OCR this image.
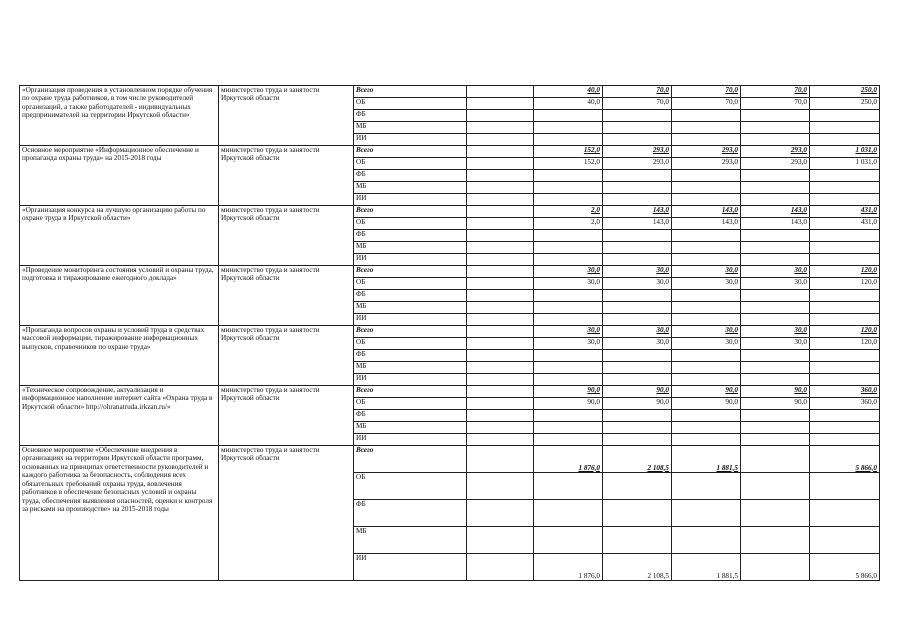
«Организация проведения в установленном порядке обучения по охране труда работников, в том числе руководителей организаций, а также работодателей - индивидуальных предпринимателей на территории Иркутской области»	министерство труда и занятости Иркутской области	Всего		40,0	70,0	70,0	70,0	250,0
		ОБ		40,0	70,0	70,0	70,0	250,0
		ФБ						
		МБ						
		ИИ						
Основное мероприятие «Информационное обеспечение и пропаганда охраны труда» на 2015-2018 годы	министерство труда и занятости Иркутской области	Всего		152,0	293,0	293,0	293,0	1 031,0
		ОБ		152,0	293,0	293,0	293,0	1 031,0
		ФБ						
		МБ						
		ИИ						
«Организация конкурса на лучшую организацию работы по охране труда в Иркутской области»	министерство труда и занятости Иркутской области	Всего		2,0	143,0	143,0	143,0	431,0
		ОБ		2,0	143,0	143,0	143,0	431,0
		ФБ						
		МБ						
		ИИ						
«Проведение мониторинга состояния условий и охраны труда, подготовка и тиражирование ежегодного доклада»	министерство труда и занятости Иркутской области	Всего		30,0	30,0	30,0	30,0	120,0
		ОБ		30,0	30,0	30,0	30,0	120,0
		ФБ						
		МБ						
		ИИ						
«Пропаганда вопросов охраны и условий труда в средствах массовой информации, тиражирование информационных выпусков, справочников по охране труда»	министерство труда и занятости Иркутской области	Всего		30,0	30,0	30,0	30,0	120,0
		ОБ		30,0	30,0	30,0	30,0	120,0
		ФБ						
		МБ						
		ИИ						
«Техническое сопровождение, актуализация и информационное наполнение интернет сайта «Охрана труда в Иркутской области» http://ohranatruda.irkzan.ru/»	министерство труда и занятости Иркутской области	Всего		90,0	90,0	90,0	90,0	360,0
		ОБ		90,0	90,0	90,0	90,0	360,0
		ФБ						
		МБ						
		ИИ						
Основное мероприятие «Обеспечение внедрения в организациях на территории Иркутской области программ, основанных на принципах ответственности руководителей и каждого работника за безопасность, соблюдения всех обязательных требований охраны труда, вовлечения работников в обеспечение безопасных условий и охраны труда, обеспечения выявления опасностей, оценки и контроля за рисками на производстве» на 2015-2018 годы	министерство труда и занятости Иркутской области	Всего		1 876,0	2 108,5	1 881,5		5 866,0
		ОБ						
		ФБ						
		МБ						
		ИИ		1 876,0	2 108,5	1 881,5		5 866,0
